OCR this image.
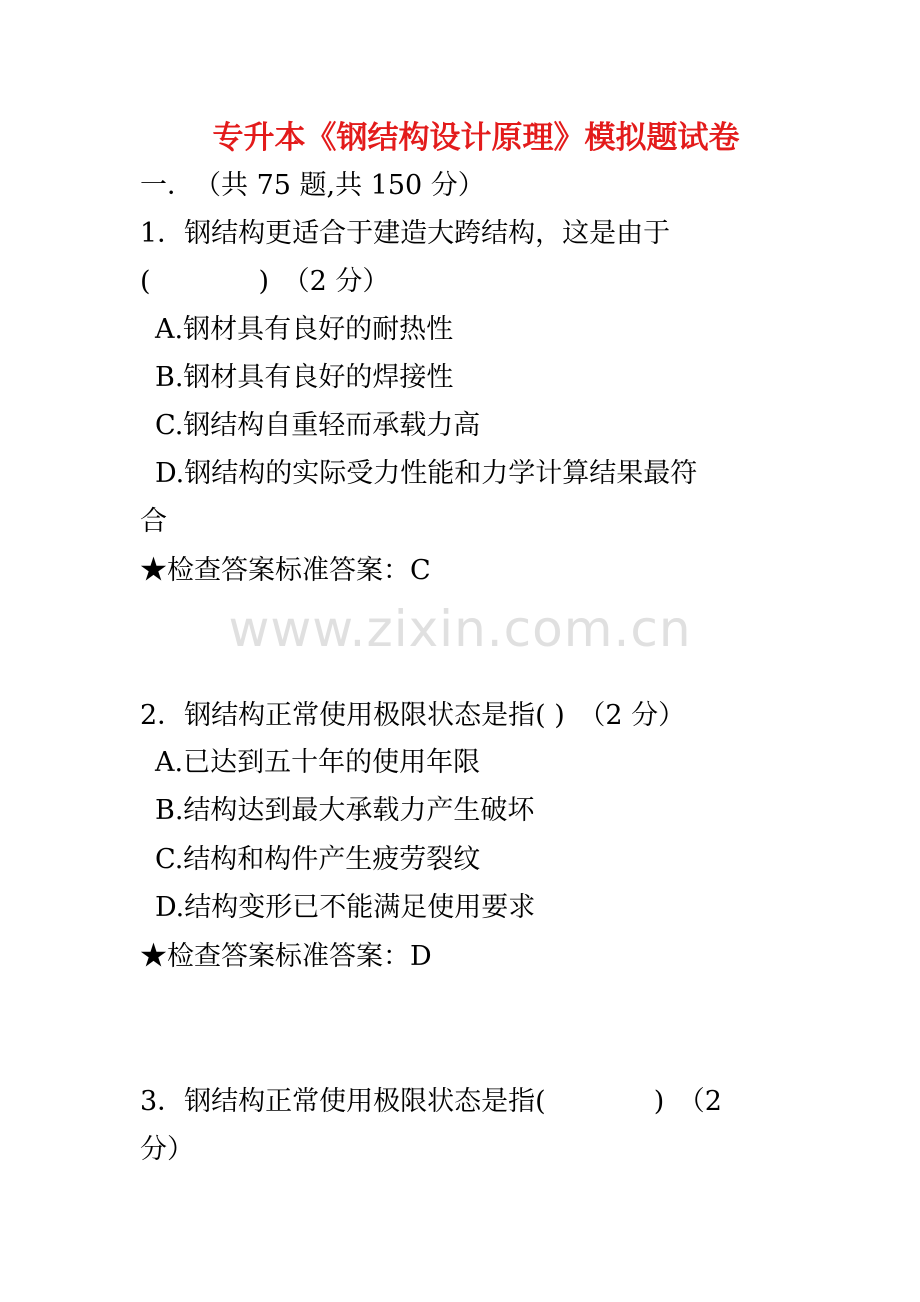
专升本《钢结构设计原理》模拟题试卷
一．　（共 75 题,共 150 分）
1．钢结构更适合于建造大跨结构，这是由于
(　　　　)　（2 分）
A.钢材具有良好的耐热性
B.钢材具有良好的焊接性
C.钢结构自重轻而承载力高
D.钢结构的实际受力性能和力学计算结果最符
合
★检查答案标准答案：C
www.zixin.com.cn
2．钢结构正常使用极限状态是指( )　（2 分）
A.已达到五十年的使用年限
B.结构达到最大承载力产生破坏
C.结构和构件产生疲劳裂纹
D.结构变形已不能满足使用要求
★检查答案标准答案：D
3．钢结构正常使用极限状态是指(　　　　)　（2
分）
